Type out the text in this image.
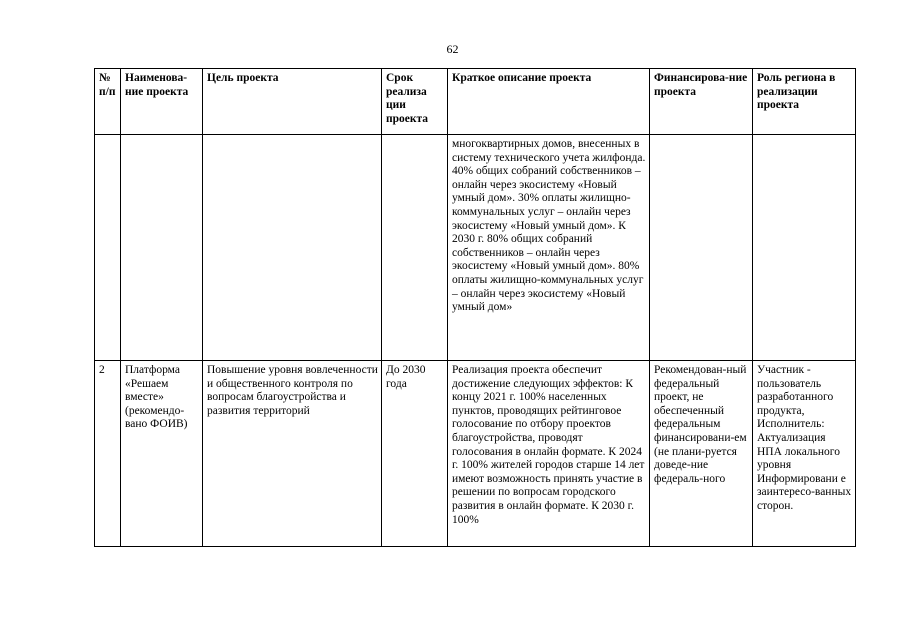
62
№ п/п	Наименова-ние проекта	Цель проекта	Срок реализа ции проекта	Краткое описание проекта	Финансирова-ние проекта	Роль региона в реализации проекта
				многоквартирных домов, внесенных в систему технического учета жилфонда. 40% общих собраний собственников – онлайн через экосистему «Новый умный дом». 30% оплаты жилищно-коммунальных услуг – онлайн через экосистему «Новый умный дом». К 2030 г. 80% общих собраний собственников – онлайн через экосистему «Новый умный дом». 80% оплаты жилищно-коммунальных услуг – онлайн через экосистему «Новый умный дом»		
2	Платформа «Решаем вместе» (рекомендо-вано ФОИВ)	Повышение уровня вовлеченности и общественного контроля по вопросам благоустройства и развития территорий	До 2030 года	Реализация проекта обеспечит достижение следующих эффектов: К концу 2021 г. 100% населенных пунктов, проводящих рейтинговое голосование по отбору проектов благоустройства, проводят голосования в онлайн формате. К 2024 г. 100% жителей городов старше 14 лет имеют возможность принять участие в решении по вопросам городского развития в онлайн формате. К 2030 г. 100%	Рекомендован-ный федеральный проект, не обеспеченный федеральным финансировани-ем (не плани-руется доведе-ние федераль-ного	Участник - пользователь разработанного продукта, Исполнитель: Актуализация НПА локального уровня Информировани е заинтересо-ванных сторон.
